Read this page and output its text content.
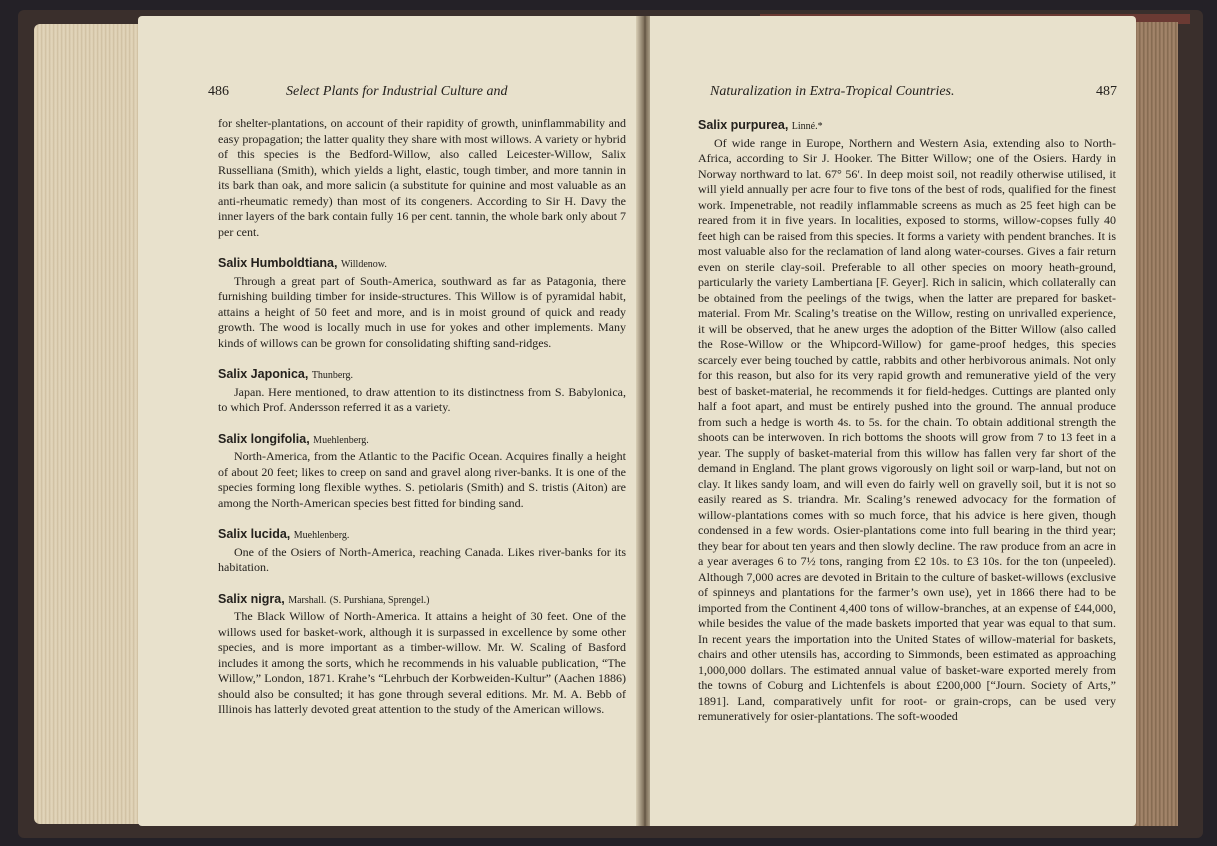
486	Select Plants for Industrial Culture and

for shelter-plantations, on account of their rapidity of growth, uninflammability and easy propagation; the latter quality they share with most willows. A variety or hybrid of this species is the Bedford-Willow, also called Leicester-Willow, Salix Russelliana (Smith), which yields a light, elastic, tough timber, and more tannin in its bark than oak, and more salicin (a substitute for quinine and most valuable as an anti-rheumatic remedy) than most of its congeners. According to Sir H. Davy the inner layers of the bark contain fully 16 per cent. tannin, the whole bark only about 7 per cent.

Salix Humboldtiana, Willdenow.

Through a great part of South-America, southward as far as Patagonia, there furnishing building timber for inside-structures. This Willow is of pyramidal habit, attains a height of 50 feet and more, and is in moist ground of quick and ready growth. The wood is locally much in use for yokes and other implements. Many kinds of willows can be grown for consolidating shifting sand-ridges.

Salix Japonica, Thunberg.

Japan. Here mentioned, to draw attention to its distinctness from S. Babylonica, to which Prof. Andersson referred it as a variety.

Salix longifolia, Muehlenberg.

North-America, from the Atlantic to the Pacific Ocean. Acquires finally a height of about 20 feet; likes to creep on sand and gravel along river-banks. It is one of the species forming long flexible wythes. S. petiolaris (Smith) and S. tristis (Aiton) are among the North-American species best fitted for binding sand.

Salix lucida, Muehlenberg.

One of the Osiers of North-America, reaching Canada. Likes river-banks for its habitation.

Salix nigra, Marshall. (S. Purshiana, Sprengel.)

The Black Willow of North-America. It attains a height of 30 feet. One of the willows used for basket-work, although it is surpassed in excellence by some other species, and is more important as a timber-willow. Mr. W. Scaling of Basford includes it among the sorts, which he recommends in his valuable publication, “The Willow,” London, 1871. Krahe’s “Lehrbuch der Korbweiden-Kultur” (Aachen 1886) should also be consulted; it has gone through several editions. Mr. M. A. Bebb of Illinois has latterly devoted great attention to the study of the American willows.

Naturalization in Extra-Tropical Countries.	487
Salix purpurea, Linné.*

Of wide range in Europe, Northern and Western Asia, extending also to North-Africa, according to Sir J. Hooker. The Bitter Willow; one of the Osiers. Hardy in Norway northward to lat. 67° 56′. In deep moist soil, not readily otherwise utilised, it will yield annually per acre four to five tons of the best of rods, qualified for the finest work. Impenetrable, not readily inflammable screens as much as 25 feet high can be reared from it in five years. In localities, exposed to storms, willow-copses fully 40 feet high can be raised from this species. It forms a variety with pendent branches. It is most valuable also for the reclamation of land along water-courses. Gives a fair return even on sterile clay-soil. Preferable to all other species on moory heath-ground, particularly the variety Lambertiana [F. Geyer]. Rich in salicin, which collaterally can be obtained from the peelings of the twigs, when the latter are prepared for basket-material. From Mr. Scaling’s treatise on the Willow, resting on unrivalled experience, it will be observed, that he anew urges the adoption of the Bitter Willow (also called the Rose-Willow or the Whipcord-Willow) for game-proof hedges, this species scarcely ever being touched by cattle, rabbits and other herbivorous animals. Not only for this reason, but also for its very rapid growth and remunerative yield of the very best of basket-material, he recommends it for field-hedges. Cuttings are planted only half a foot apart, and must be entirely pushed into the ground. The annual produce from such a hedge is worth 4s. to 5s. for the chain. To obtain additional strength the shoots can be interwoven. In rich bottoms the shoots will grow from 7 to 13 feet in a year. The supply of basket-material from this willow has fallen very far short of the demand in England. The plant grows vigorously on light soil or warp-land, but not on clay. It likes sandy loam, and will even do fairly well on gravelly soil, but it is not so easily reared as S. triandra. Mr. Scaling’s renewed advocacy for the formation of willow-plantations comes with so much force, that his advice is here given, though condensed in a few words. Osier-plantations come into full bearing in the third year; they bear for about ten years and then slowly decline. The raw produce from an acre in a year averages 6 to 7½ tons, ranging from £2 10s. to £3 10s. for the ton (unpeeled). Although 7,000 acres are devoted in Britain to the culture of basket-willows (exclusive of spinneys and plantations for the farmer’s own use), yet in 1866 there had to be imported from the Continent 4,400 tons of willow-branches, at an expense of £44,000, while besides the value of the made baskets imported that year was equal to that sum. In recent years the importation into the United States of willow-material for baskets, chairs and other utensils has, according to Simmonds, been estimated as approaching 1,000,000 dollars. The estimated annual value of basket-ware exported merely from the towns of Coburg and Lichtenfels is about £200,000 [“Journ. Society of Arts,” 1891]. Land, comparatively unfit for root- or grain-crops, can be used very remuneratively for osier-plantations. The soft-wooded
